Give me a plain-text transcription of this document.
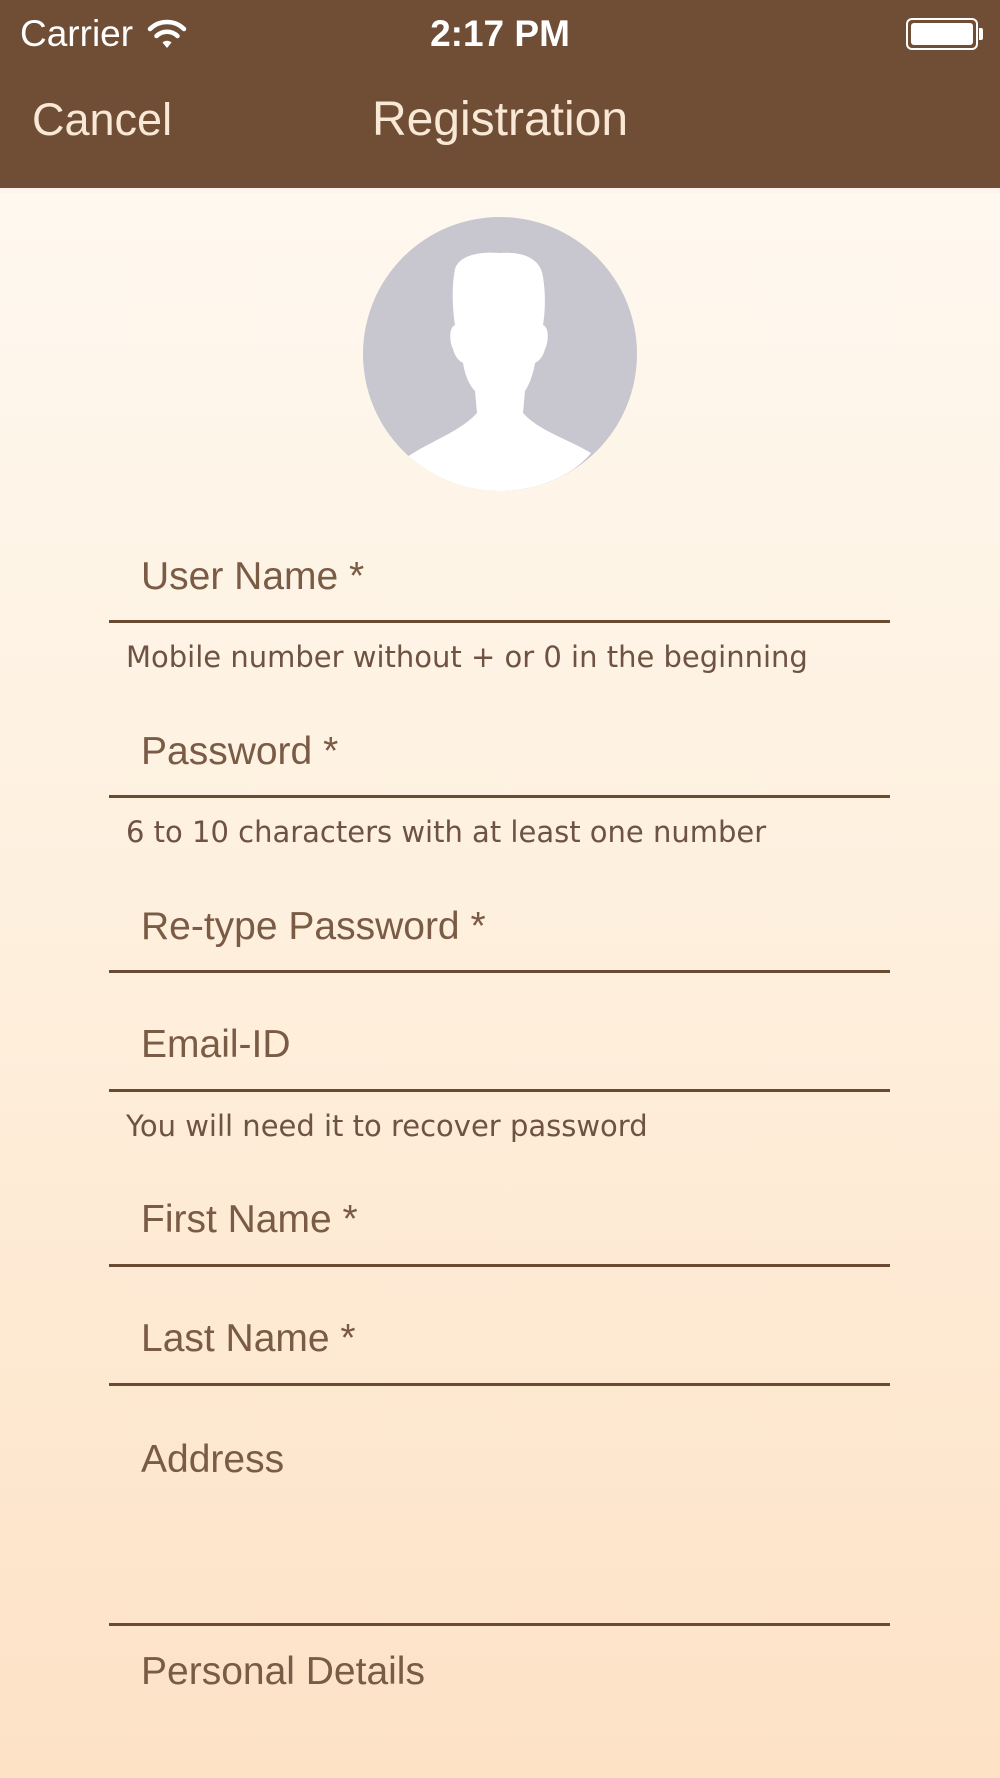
Carrier	2:17 PM
Cancel	Registration
User Name *
Mobile number without + or 0 in the beginning
Password *
6 to 10 characters with at least one number
Re-type Password *
Email-ID
You will need it to recover password
First Name *
Last Name *
Address
Personal Details
